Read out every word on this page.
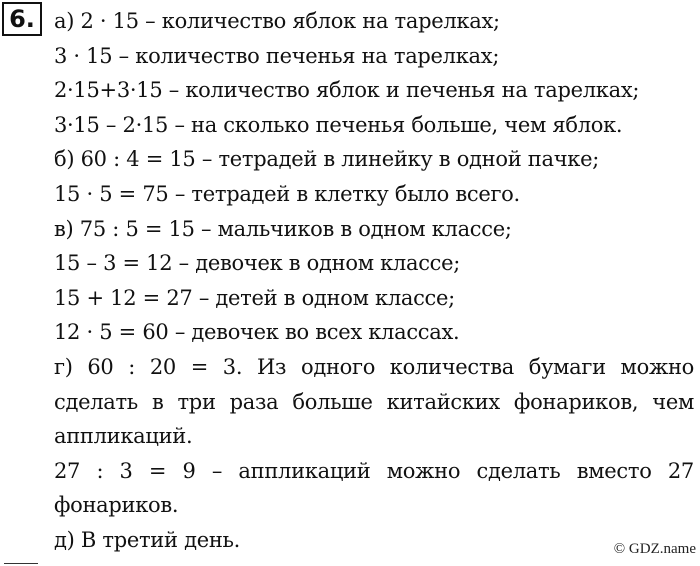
6. а) 2 · 15 – количество яблок на тарелках;
3 · 15 – количество печенья на тарелках;
2·15+3·15 – количество яблок и печенья на тарелках;
3·15 – 2·15 – на сколько печенья больше, чем яблок.
б) 60 : 4 = 15 – тетрадей в линейку в одной пачке;
15 · 5 = 75 – тетрадей в клетку было всего.
в) 75 : 5 = 15 – мальчиков в одном классе;
15 – 3 = 12 – девочек в одном классе;
15 + 12 = 27 – детей в одном классе;
12 · 5 = 60 – девочек во всех классах.
г) 60 : 20 = 3. Из одного количества бумаги можно
сделать в три раза больше китайских фонариков, чем
аппликаций.
27 : 3 = 9 – аппликаций можно сделать вместо 27
фонариков.
д) В третий день.	© GDZ.name
